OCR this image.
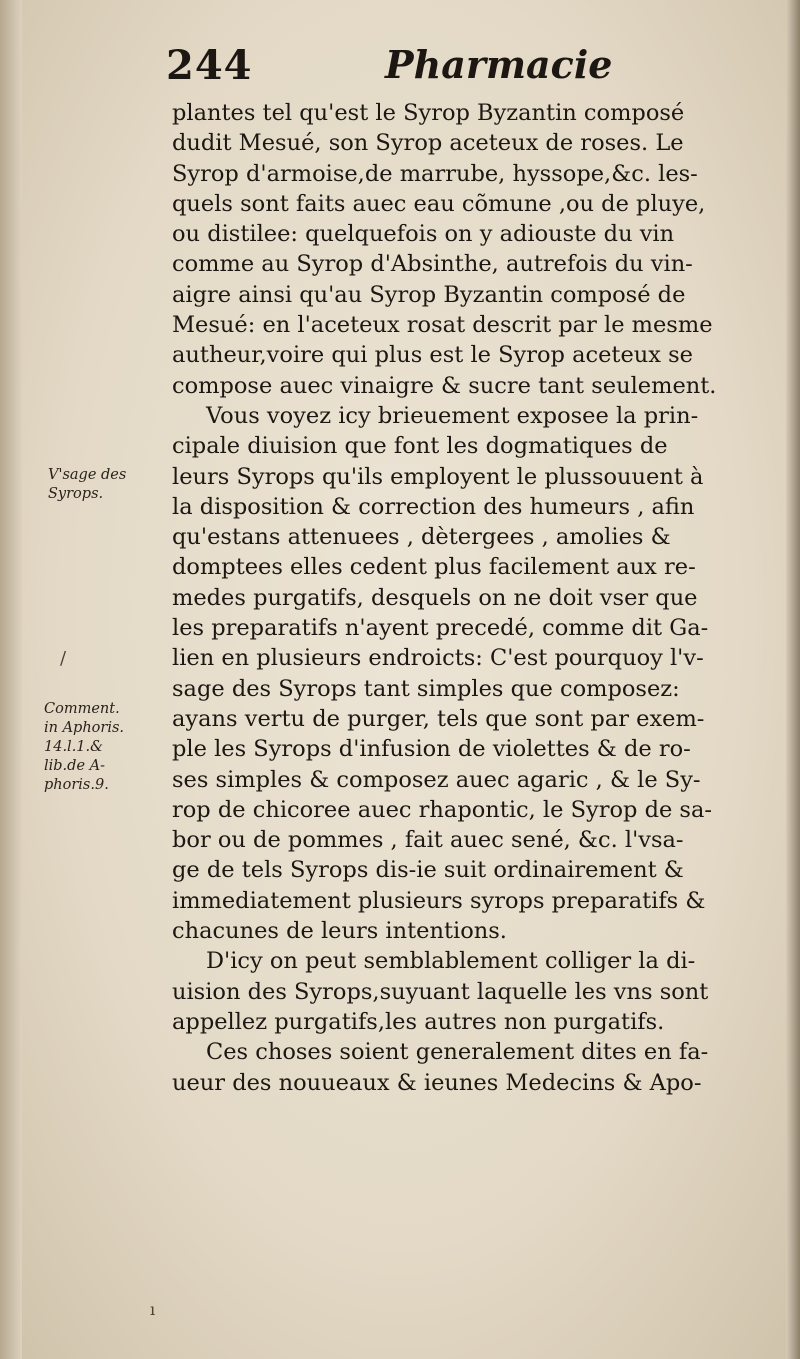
244	Pharmacie
V'sage des
Syrops.
/
Comment.
in Aphoris.
14.l.1.&
lib.de A-
phoris.9.
plantes tel qu'est le Syrop Byzantin composé
dudit Mesué, son Syrop aceteux de roses. Le
Syrop d'armoise,de marrube, hyssope,&c. les-
quels sont faits auec eau cõmune ,ou de pluye,
ou distilee: quelquefois on y adiouste du vin
comme au Syrop d'Absinthe, autrefois du vin-
aigre ainsi qu'au Syrop Byzantin composé de
Mesué: en l'aceteux rosat descrit par le mesme
autheur,voire qui plus est le Syrop aceteux se
compose auec vinaigre & sucre tant seulement.
Vous voyez icy brieuement exposee la prin-
cipale diuision que font les dogmatiques de
leurs Syrops qu'ils employent le plussouuent à
la disposition & correction des humeurs , afin
qu'estans attenuees , dètergees , amolies &
domptees elles cedent plus facilement aux re-
medes purgatifs, desquels on ne doit vser que
les preparatifs n'ayent precedé, comme dit Ga-
lien en plusieurs endroicts: C'est pourquoy l'v-
sage des Syrops tant simples que composez:
ayans vertu de purger, tels que sont par exem-
ple les Syrops d'infusion de violettes & de ro-
ses simples & composez auec agaric , & le Sy-
rop de chicoree auec rhapontic, le Syrop de sa-
bor ou de pommes , fait auec sené, &c. l'vsa-
ge de tels Syrops dis-ie suit ordinairement &
immediatement plusieurs syrops preparatifs &
chacunes de leurs intentions.
D'icy on peut semblablement colliger la di-
uision des Syrops,suyuant laquelle les vns sont
appellez purgatifs,les autres non purgatifs.
Ces choses soient generalement dites en fa-
ueur des nouueaux & ieunes Medecins & Apo-
ı
